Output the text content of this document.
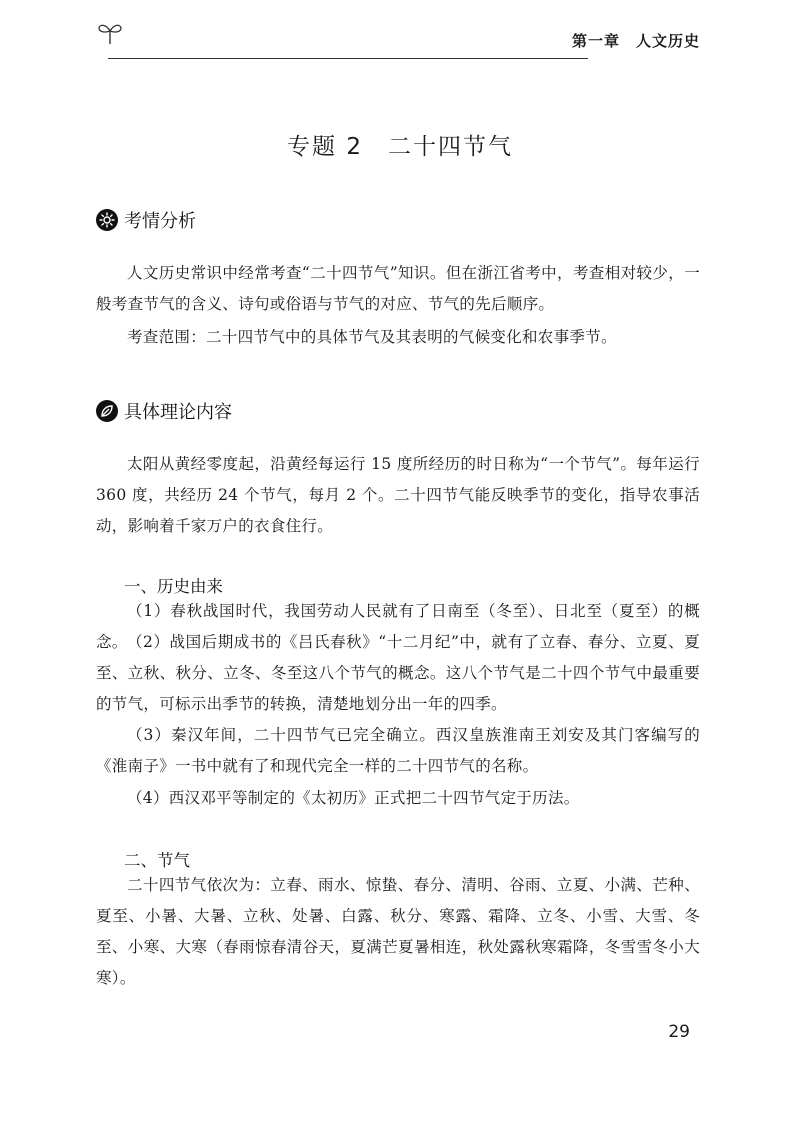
第一章　人文历史
专题 2　二十四节气
考情分析
人文历史常识中经常考查“二十四节气”知识。但在浙江省考中，考查相对较少，一般考查节气的含义、诗句或俗语与节气的对应、节气的先后顺序。
考查范围：二十四节气中的具体节气及其表明的气候变化和农事季节。
具体理论内容
太阳从黄经零度起，沿黄经每运行 15 度所经历的时日称为“一个节气”。每年运行 360 度，共经历 24 个节气，每月 2 个。二十四节气能反映季节的变化，指导农事活动，影响着千家万户的衣食住行。
一、历史由来
（1）春秋战国时代，我国劳动人民就有了日南至（冬至）、日北至（夏至）的概念。 （2）战国后期成书的《吕氏春秋》“十二月纪”中，就有了立春、春分、立夏、夏至、立秋、秋分、立冬、冬至这八个节气的概念。这八个节气是二十四个节气中最重要的节气，可标示出季节的转换，清楚地划分出一年的四季。
（3）秦汉年间，二十四节气已完全确立。西汉皇族淮南王刘安及其门客编写的《淮南子》一书中就有了和现代完全一样的二十四节气的名称。
（4）西汉邓平等制定的《太初历》正式把二十四节气定于历法。
二、节气
二十四节气依次为：立春、雨水、惊蛰、春分、清明、谷雨、立夏、小满、芒种、夏至、小暑、大暑、立秋、处暑、白露、秋分、寒露、霜降、立冬、小雪、大雪、冬至、小寒、大寒（春雨惊春清谷天，夏满芒夏暑相连，秋处露秋寒霜降，冬雪雪冬小大寒）。
29
